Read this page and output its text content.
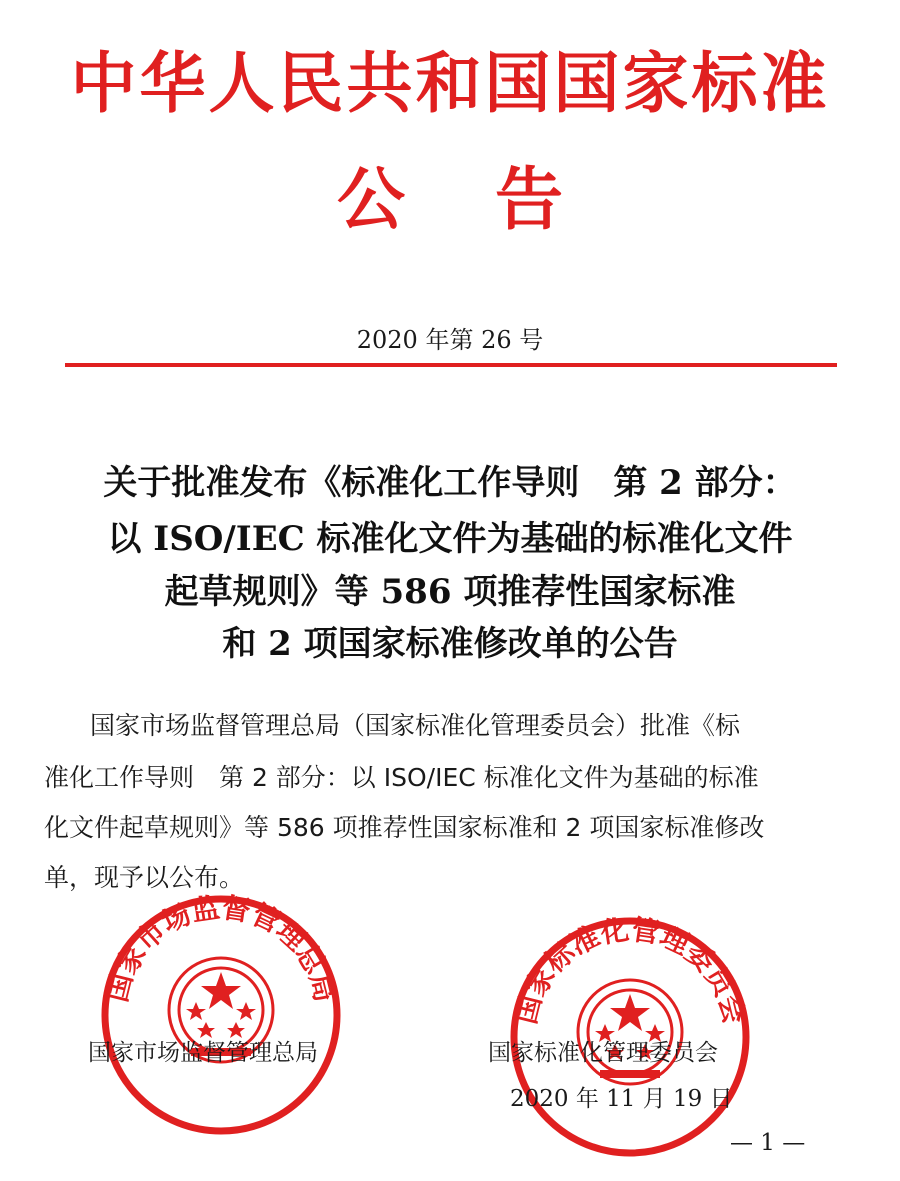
中华人民共和国国家标准
公告
2020 年第 26 号
关于批准发布《标准化工作导则　第 2 部分：
以 ISO/IEC 标准化文件为基础的标准化文件
起草规则》等 586 项推荐性国家标准
和 2 项国家标准修改单的公告
国家市场监督管理总局（国家标准化管理委员会）批准《标
准化工作导则　第 2 部分：以 ISO/IEC 标准化文件为基础的标准
化文件起草规则》等 586 项推荐性国家标准和 2 项国家标准修改
单，现予以公布。
国家市场监督管理总局
国家标准化管理委员会
国家市场监督管理总局	国家标准化管理委员会
2020 年 11 月 19 日
— 1 —
